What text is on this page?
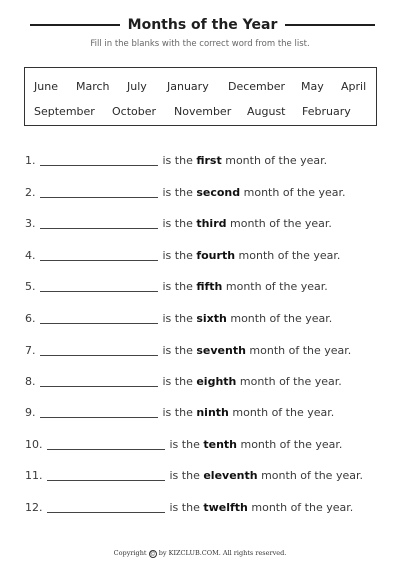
Months of the Year
Fill in the blanks with the correct word from the list.
June March July January December May April
September October November August February
1.	is the
first
month of the year.
2.	is the
second
month of the year.
3.	is the
third
month of the year.
4.	is the
fourth
month of the year.
5.	is the
fifth
month of the year.
6.	is the
sixth
month of the year.
7.	is the
seventh
month of the year.
8.	is the
eighth
month of the year.
9.	is the
ninth
month of the year.
10.	is the
tenth
month of the year.
11.	is the
eleventh
month of the year.
12.	is the
twelfth
month of the year.
Copyright © by KIZCLUB.COM. All rights reserved.
